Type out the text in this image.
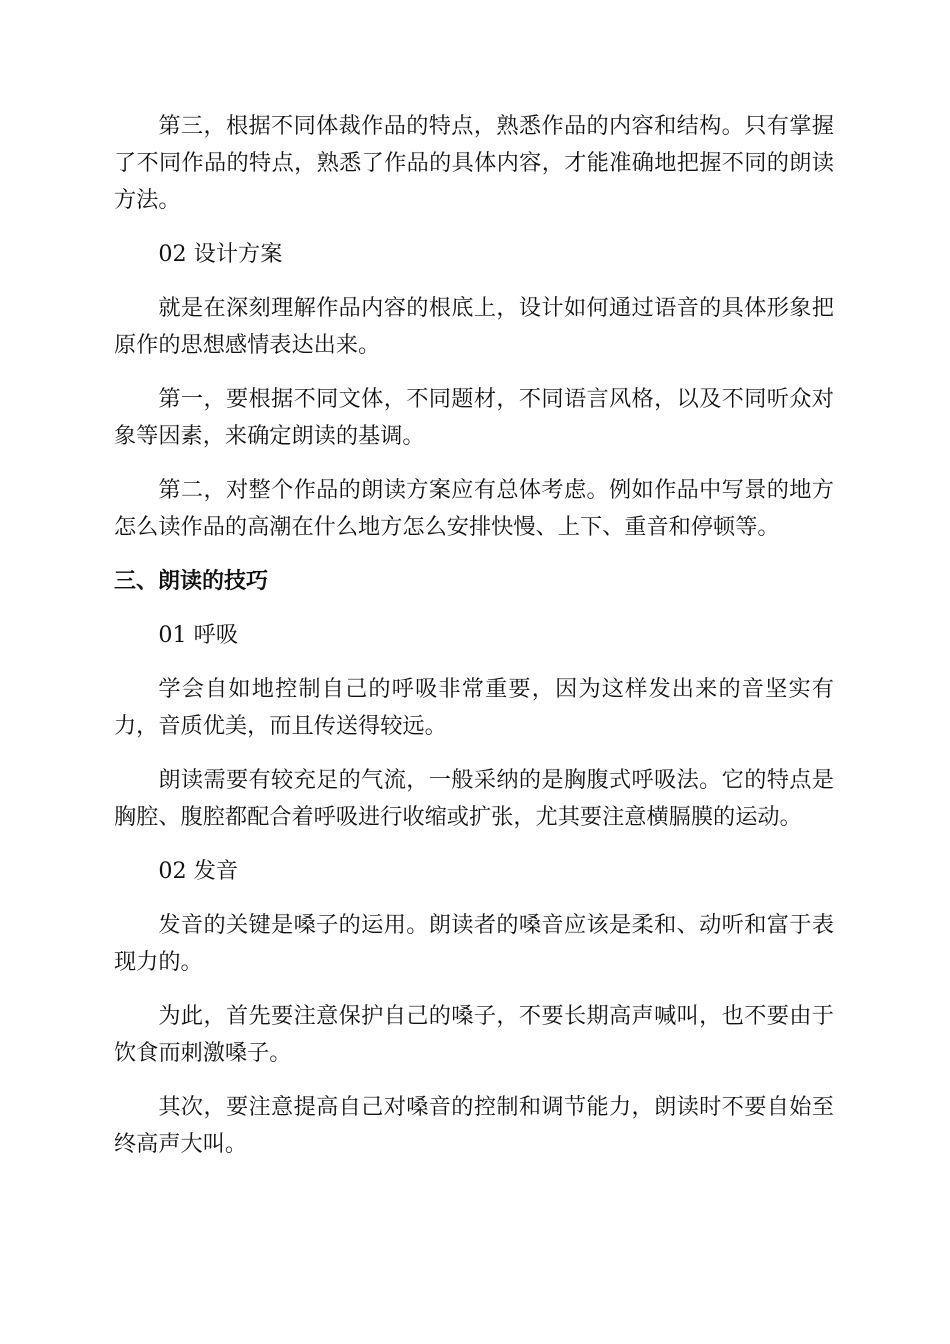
第三，根据不同体裁作品的特点，熟悉作品的内容和结构。只有掌握了不同作品的特点，熟悉了作品的具体内容，才能准确地把握不同的朗读方法。

02 设计方案

就是在深刻理解作品内容的根底上，设计如何通过语音的具体形象把原作的思想感情表达出来。

第一，要根据不同文体，不同题材，不同语言风格，以及不同听众对象等因素，来确定朗读的基调。

第二，对整个作品的朗读方案应有总体考虑。例如作品中写景的地方怎么读作品的高潮在什么地方怎么安排快慢、上下、重音和停顿等。

三、朗读的技巧

01 呼吸

学会自如地控制自己的呼吸非常重要，因为这样发出来的音坚实有力，音质优美，而且传送得较远。

朗读需要有较充足的气流，一般采纳的是胸腹式呼吸法。它的特点是胸腔、腹腔都配合着呼吸进行收缩或扩张，尤其要注意横膈膜的运动。

02 发音

发音的关键是嗓子的运用。朗读者的嗓音应该是柔和、动听和富于表现力的。

为此，首先要注意保护自己的嗓子，不要长期高声喊叫，也不要由于饮食而刺激嗓子。

其次，要注意提高自己对嗓音的控制和调节能力，朗读时不要自始至终高声大叫。
